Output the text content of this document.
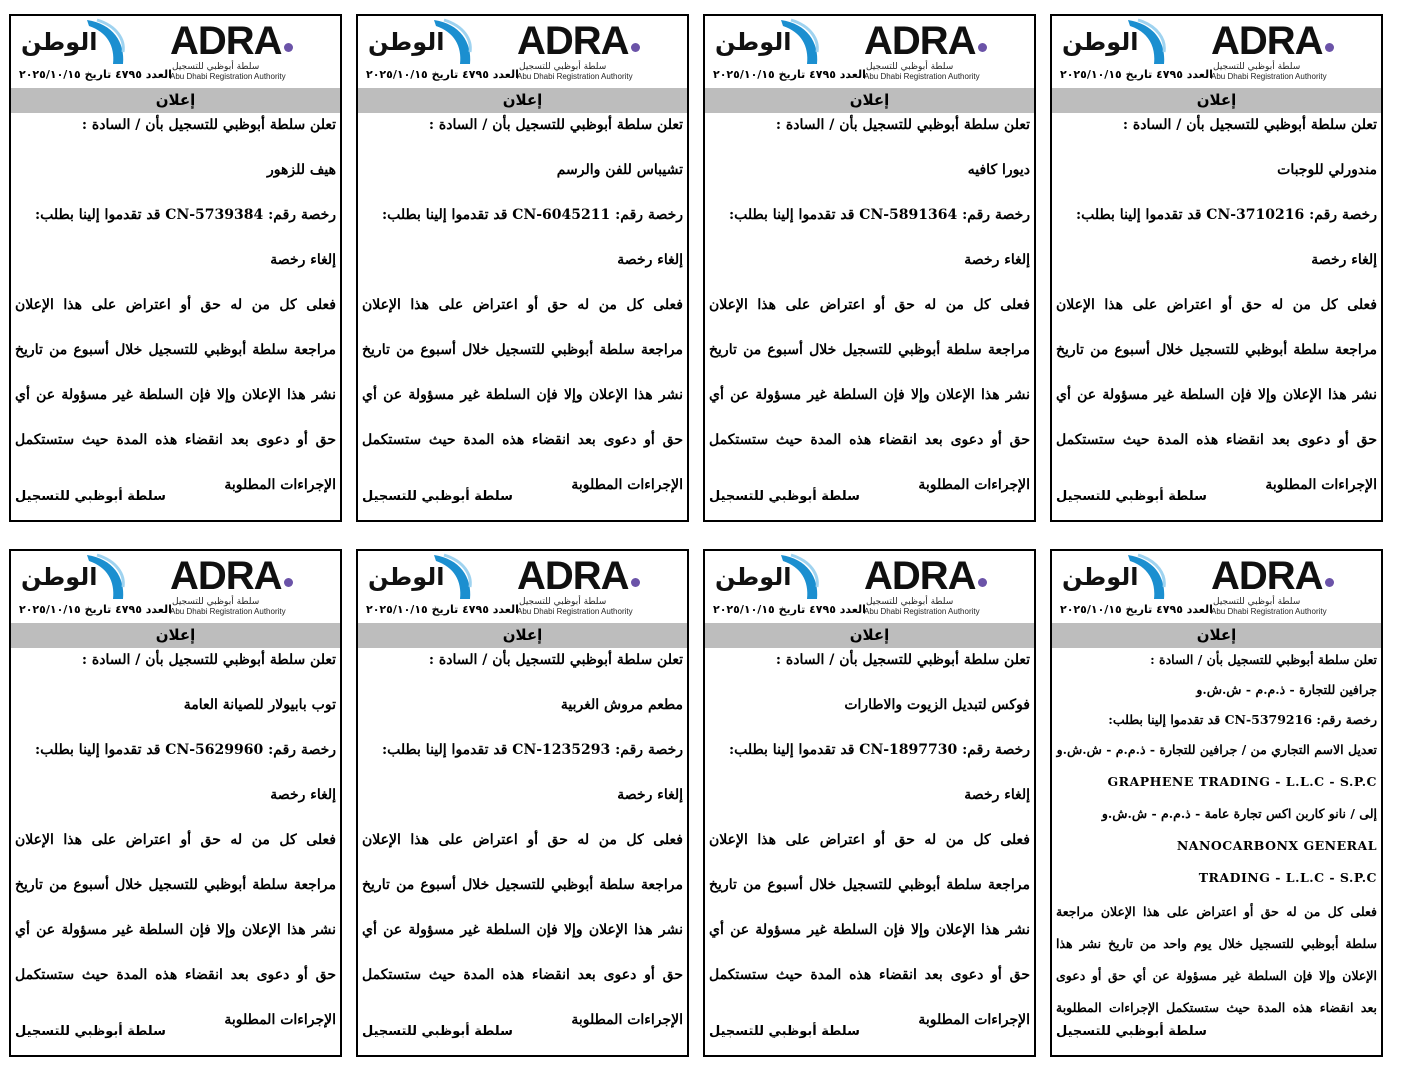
ADRA
سلطة أبوظبي للتسجيل
Abu Dhabi Registration Authority
الوطن
العدد ٤٧٩٥ تاريخ ٢٠٢٥/١٠/١٥
إعلان
تعلن سلطة أبوظبي للتسجيل بأن / السادة :
مندورلي للوجبات
رخصة رقم: CN-3710216 قد تقدموا إلينا بطلب:
إلغاء رخصة
فعلى كل من له حق أو اعتراض على هذا الإعلان
مراجعة سلطة أبوظبي للتسجيل خلال أسبوع من تاريخ
نشر هذا الإعلان وإلا فإن السلطة غير مسؤولة عن أي
حق أو دعوى بعد انقضاء هذه المدة حيث ستستكمل
الإجراءات المطلوبة
سلطة أبوظبي للتسجيل
ADRA
سلطة أبوظبي للتسجيل
Abu Dhabi Registration Authority
الوطن
العدد ٤٧٩٥ تاريخ ٢٠٢٥/١٠/١٥
إعلان
تعلن سلطة أبوظبي للتسجيل بأن / السادة :
ديورا كافيه
رخصة رقم: CN-5891364 قد تقدموا إلينا بطلب:
إلغاء رخصة
فعلى كل من له حق أو اعتراض على هذا الإعلان
مراجعة سلطة أبوظبي للتسجيل خلال أسبوع من تاريخ
نشر هذا الإعلان وإلا فإن السلطة غير مسؤولة عن أي
حق أو دعوى بعد انقضاء هذه المدة حيث ستستكمل
الإجراءات المطلوبة
سلطة أبوظبي للتسجيل
ADRA
سلطة أبوظبي للتسجيل
Abu Dhabi Registration Authority
الوطن
العدد ٤٧٩٥ تاريخ ٢٠٢٥/١٠/١٥
إعلان
تعلن سلطة أبوظبي للتسجيل بأن / السادة :
تشيباس للفن والرسم
رخصة رقم: CN-6045211 قد تقدموا إلينا بطلب:
إلغاء رخصة
فعلى كل من له حق أو اعتراض على هذا الإعلان
مراجعة سلطة أبوظبي للتسجيل خلال أسبوع من تاريخ
نشر هذا الإعلان وإلا فإن السلطة غير مسؤولة عن أي
حق أو دعوى بعد انقضاء هذه المدة حيث ستستكمل
الإجراءات المطلوبة
سلطة أبوظبي للتسجيل
ADRA
سلطة أبوظبي للتسجيل
Abu Dhabi Registration Authority
الوطن
العدد ٤٧٩٥ تاريخ ٢٠٢٥/١٠/١٥
إعلان
تعلن سلطة أبوظبي للتسجيل بأن / السادة :
هيف للزهور
رخصة رقم: CN-5739384 قد تقدموا إلينا بطلب:
إلغاء رخصة
فعلى كل من له حق أو اعتراض على هذا الإعلان
مراجعة سلطة أبوظبي للتسجيل خلال أسبوع من تاريخ
نشر هذا الإعلان وإلا فإن السلطة غير مسؤولة عن أي
حق أو دعوى بعد انقضاء هذه المدة حيث ستستكمل
الإجراءات المطلوبة
سلطة أبوظبي للتسجيل
ADRA
سلطة أبوظبي للتسجيل
Abu Dhabi Registration Authority
الوطن
العدد ٤٧٩٥ تاريخ ٢٠٢٥/١٠/١٥
إعلان
تعلن سلطة أبوظبي للتسجيل بأن / السادة :
جرافين للتجارة - ذ.م.م - ش.ش.و
رخصة رقم: CN-5379216 قد تقدموا إلينا بطلب:
تعديل الاسم التجاري من / جرافين للتجارة - ذ.م.م - ش.ش.و
GRAPHENE TRADING - L.L.C - S.P.C
إلى / نانو كاربن اكس تجارة عامة - ذ.م.م - ش.ش.و
NANOCARBONX GENERAL
TRADING - L.L.C - S.P.C
فعلى كل من له حق أو اعتراض على هذا الإعلان مراجعة
سلطة أبوظبي للتسجيل خلال يوم واحد من تاريخ نشر هذا
الإعلان وإلا فإن السلطة غير مسؤولة عن أي حق أو دعوى
بعد انقضاء هذه المدة حيث ستستكمل الإجراءات المطلوبة
سلطة أبوظبي للتسجيل
ADRA
سلطة أبوظبي للتسجيل
Abu Dhabi Registration Authority
الوطن
العدد ٤٧٩٥ تاريخ ٢٠٢٥/١٠/١٥
إعلان
تعلن سلطة أبوظبي للتسجيل بأن / السادة :
فوكس لتبديل الزيوت والاطارات
رخصة رقم: CN-1897730 قد تقدموا إلينا بطلب:
إلغاء رخصة
فعلى كل من له حق أو اعتراض على هذا الإعلان
مراجعة سلطة أبوظبي للتسجيل خلال أسبوع من تاريخ
نشر هذا الإعلان وإلا فإن السلطة غير مسؤولة عن أي
حق أو دعوى بعد انقضاء هذه المدة حيث ستستكمل
الإجراءات المطلوبة
سلطة أبوظبي للتسجيل
ADRA
سلطة أبوظبي للتسجيل
Abu Dhabi Registration Authority
الوطن
العدد ٤٧٩٥ تاريخ ٢٠٢٥/١٠/١٥
إعلان
تعلن سلطة أبوظبي للتسجيل بأن / السادة :
مطعم مروش الغربية
رخصة رقم: CN-1235293 قد تقدموا إلينا بطلب:
إلغاء رخصة
فعلى كل من له حق أو اعتراض على هذا الإعلان
مراجعة سلطة أبوظبي للتسجيل خلال أسبوع من تاريخ
نشر هذا الإعلان وإلا فإن السلطة غير مسؤولة عن أي
حق أو دعوى بعد انقضاء هذه المدة حيث ستستكمل
الإجراءات المطلوبة
سلطة أبوظبي للتسجيل
ADRA
سلطة أبوظبي للتسجيل
Abu Dhabi Registration Authority
الوطن
العدد ٤٧٩٥ تاريخ ٢٠٢٥/١٠/١٥
إعلان
تعلن سلطة أبوظبي للتسجيل بأن / السادة :
توب بابيولار للصيانة العامة
رخصة رقم: CN-5629960 قد تقدموا إلينا بطلب:
إلغاء رخصة
فعلى كل من له حق أو اعتراض على هذا الإعلان
مراجعة سلطة أبوظبي للتسجيل خلال أسبوع من تاريخ
نشر هذا الإعلان وإلا فإن السلطة غير مسؤولة عن أي
حق أو دعوى بعد انقضاء هذه المدة حيث ستستكمل
الإجراءات المطلوبة
سلطة أبوظبي للتسجيل
